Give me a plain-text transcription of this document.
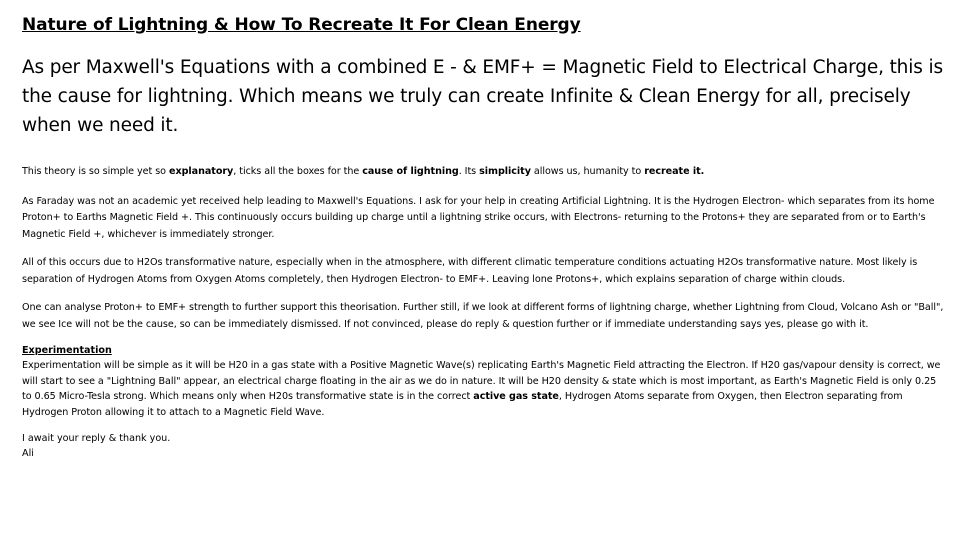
Nature of Lightning & How To Recreate It For Clean Energy

As per Maxwell's Equations with a combined E - & EMF+ = Magnetic Field to Electrical Charge, this is the cause for lightning. Which means we truly can create Infinite & Clean Energy for all, precisely when we need it.

This theory is so simple yet so explanatory, ticks all the boxes for the cause of lightning. Its simplicity allows us, humanity to recreate it.

As Faraday was not an academic yet received help leading to Maxwell's Equations. I ask for your help in creating Artificial Lightning. It is the Hydrogen Electron- which separates from its home Proton+ to Earths Magnetic Field +. This continuously occurs building up charge until a lightning strike occurs, with Electrons- returning to the Protons+ they are separated from or to Earth's Magnetic Field +, whichever is immediately stronger.

All of this occurs due to H2Os transformative nature, especially when in the atmosphere, with different climatic temperature conditions actuating H2Os transformative nature. Most likely is separation of Hydrogen Atoms from Oxygen Atoms completely, then Hydrogen Electron- to EMF+. Leaving lone Protons+, which explains separation of charge within clouds.

One can analyse Proton+ to EMF+ strength to further support this theorisation. Further still, if we look at different forms of lightning charge, whether Lightning from Cloud, Volcano Ash or "Ball", we see Ice will not be the cause, so can be immediately dismissed. If not convinced, please do reply & question further or if immediate understanding says yes, please go with it.

Experimentation

Experimentation will be simple as it will be H20 in a gas state with a Positive Magnetic Wave(s) replicating Earth's Magnetic Field attracting the Electron. If H20 gas/vapour density is correct, we will start to see a "Lightning Ball" appear, an electrical charge floating in the air as we do in nature. It will be H20 density & state which is most important, as Earth's Magnetic Field is only 0.25 to 0.65 Micro-Tesla strong. Which means only when H20s transformative state is in the correct active gas state, Hydrogen Atoms separate from Oxygen, then Electron separating from Hydrogen Proton allowing it to attach to a Magnetic Field Wave.

I await your reply & thank you.
Ali
